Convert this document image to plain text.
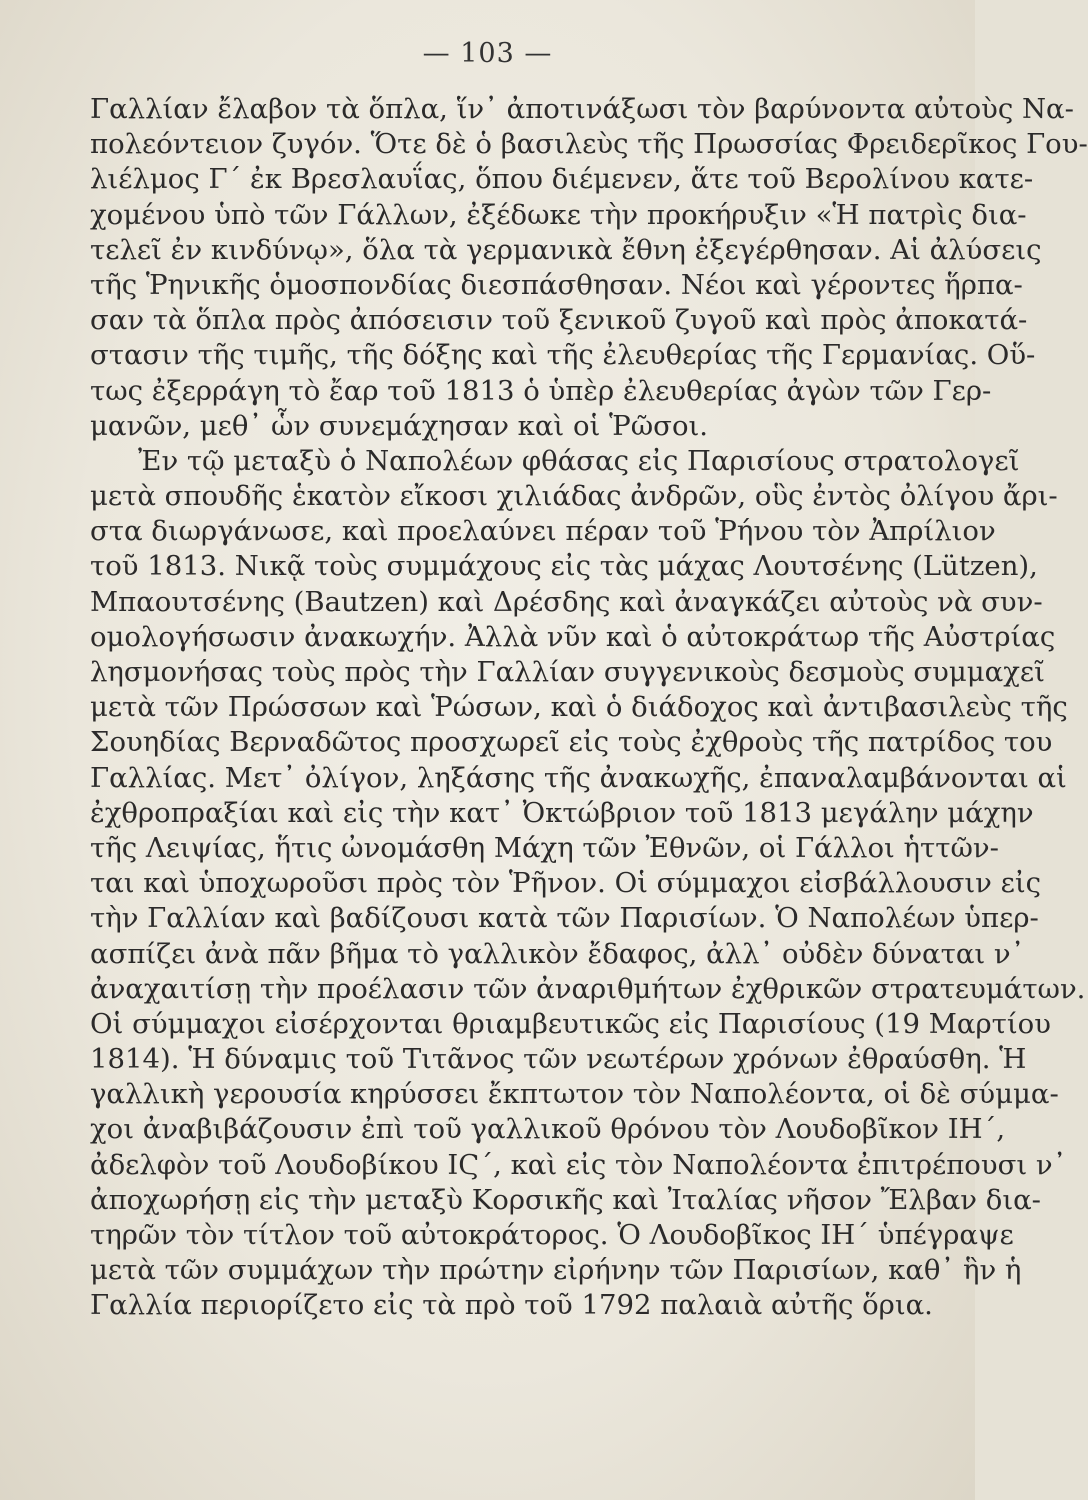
— 103 —
Γαλλίαν ἔλαβον τὰ ὅπλα, ἵν᾽ ἀποτινάξωσι τὸν βαρύνοντα αὐτοὺς Να-
πολεόντειον ζυγόν. Ὅτε δὲ ὁ βασιλεὺς τῆς Πρωσσίας Φρειδερῖκος Γου-
λιέλμος Γ΄ ἐκ Βρεσλαυΐας, ὅπου διέμενεν, ἅτε τοῦ Βερολίνου κατε-
χομένου ὑπὸ τῶν Γάλλων, ἐξέδωκε τὴν προκήρυξιν «Ἡ πατρὶς δια-
τελεῖ ἐν κινδύνῳ», ὅλα τὰ γερμανικὰ ἔθνη ἐξεγέρθησαν. Αἱ ἀλύσεις
τῆς Ῥηνικῆς ὁμοσπονδίας διεσπάσθησαν. Νέοι καὶ γέροντες ἥρπα-
σαν τὰ ὅπλα πρὸς ἀπόσεισιν τοῦ ξενικοῦ ζυγοῦ καὶ πρὸς ἀποκατά-
στασιν τῆς τιμῆς, τῆς δόξης καὶ τῆς ἐλευθερίας τῆς Γερμανίας. Οὕ-
τως ἐξερράγη τὸ ἔαρ τοῦ 1813 ὁ ὑπὲρ ἐλευθερίας ἀγὼν τῶν Γερ-
μανῶν, μεθ᾽ ὧν συνεμάχησαν καὶ οἱ Ῥῶσοι.
Ἐν τῷ μεταξὺ ὁ Ναπολέων φθάσας εἰς Παρισίους στρατολογεῖ
μετὰ σπουδῆς ἑκατὸν εἴκοσι χιλιάδας ἀνδρῶν, οὓς ἐντὸς ὀλίγου ἄρι-
στα διωργάνωσε, καὶ προελαύνει πέραν τοῦ Ῥήνου τὸν Ἀπρίλιον
τοῦ 1813. Νικᾷ τοὺς συμμάχους εἰς τὰς μάχας Λουτσένης (Lützen),
Μπαουτσένης (Bautzen) καὶ Δρέσδης καὶ ἀναγκάζει αὐτοὺς νὰ συν-
ομολογήσωσιν ἀνακωχήν. Ἀλλὰ νῦν καὶ ὁ αὐτοκράτωρ τῆς Αὐστρίας
λησμονήσας τοὺς πρὸς τὴν Γαλλίαν συγγενικοὺς δεσμοὺς συμμαχεῖ
μετὰ τῶν Πρώσσων καὶ Ῥώσων, καὶ ὁ διάδοχος καὶ ἀντιβασιλεὺς τῆς
Σουηδίας Βερναδῶτος προσχωρεῖ εἰς τοὺς ἐχθροὺς τῆς πατρίδος του
Γαλλίας. Μετ᾽ ὀλίγον, ληξάσης τῆς ἀνακωχῆς, ἐπαναλαμβάνονται αἱ
ἐχθροπραξίαι καὶ εἰς τὴν κατ᾽ Ὀκτώβριον τοῦ 1813 μεγάλην μάχην
τῆς Λειψίας, ἥτις ὠνομάσθη Μάχη τῶν Ἐθνῶν, οἱ Γάλλοι ἡττῶν-
ται καὶ ὑποχωροῦσι πρὸς τὸν Ῥῆνον. Οἱ σύμμαχοι εἰσβάλλουσιν εἰς
τὴν Γαλλίαν καὶ βαδίζουσι κατὰ τῶν Παρισίων. Ὁ Ναπολέων ὑπερ-
ασπίζει ἀνὰ πᾶν βῆμα τὸ γαλλικὸν ἔδαφος, ἀλλ᾽ οὐδὲν δύναται ν᾽
ἀναχαιτίσῃ τὴν προέλασιν τῶν ἀναριθμήτων ἐχθρικῶν στρατευμάτων.
Οἱ σύμμαχοι εἰσέρχονται θριαμβευτικῶς εἰς Παρισίους (19 Μαρτίου
1814). Ἡ δύναμις τοῦ Τιτᾶνος τῶν νεωτέρων χρόνων ἐθραύσθη. Ἡ
γαλλικὴ γερουσία κηρύσσει ἔκπτωτον τὸν Ναπολέοντα, οἱ δὲ σύμμα-
χοι ἀναβιβάζουσιν ἐπὶ τοῦ γαλλικοῦ θρόνου τὸν Λουδοβῖκον ΙΗ΄,
ἀδελφὸν τοῦ Λουδοβίκου ΙϚ΄, καὶ εἰς τὸν Ναπολέοντα ἐπιτρέπουσι ν᾽
ἀποχωρήσῃ εἰς τὴν μεταξὺ Κορσικῆς καὶ Ἰταλίας νῆσον Ἔλβαν δια-
τηρῶν τὸν τίτλον τοῦ αὐτοκράτορος. Ὁ Λουδοβῖκος ΙΗ΄ ὑπέγραψε
μετὰ τῶν συμμάχων τὴν πρώτην εἰρήνην τῶν Παρισίων, καθ᾽ ἣν ἡ
Γαλλία περιορίζετο εἰς τὰ πρὸ τοῦ 1792 παλαιὰ αὐτῆς ὅρια.
